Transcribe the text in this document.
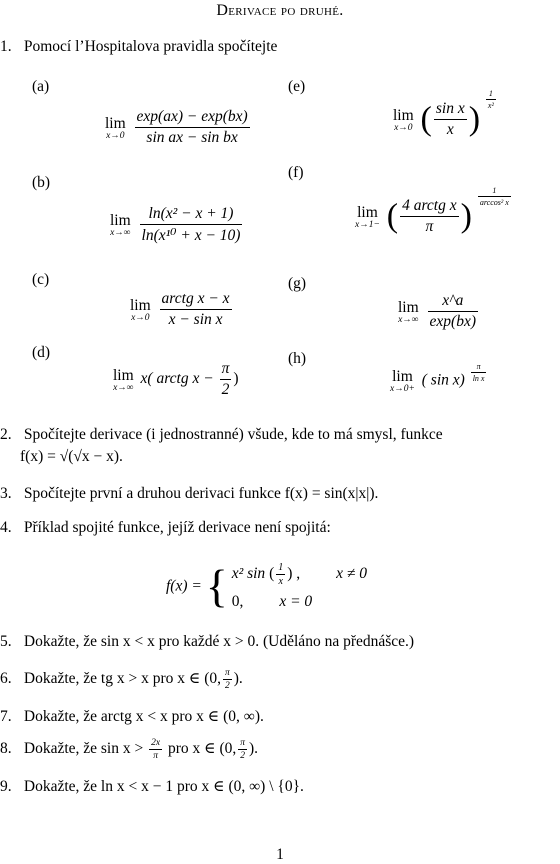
Derivace po druhé.
1. Pomocí l’Hospitalova pravidla spočítejte
(a)	(e)
(b)
(f)
(c)	(g)
(d)	(h)
lim
x→0
$\frac{\exp(ax) - \exp(bx)}{\text{sin ax − sin bx}}$	lim
x→0 ( $\frac{\text{sin x}}{x}$ )
$\frac{1}{\text{x²}}$
lim
x→∞
$\frac{\text{ln(x² − x + 1)}}{\text{ln(x¹⁰ + x − 10)}}$	lim
x→1− ( $\frac{\text{4 arctg x}}{\pi}$ )
$\frac{1}{\text{arccos² x}}$
lim
x→0
$\frac{\text{arctg x − x}}{\text{x − sin x}}$	lim
x→∞
$\frac{x\^{}a}{\exp(bx)}$
lim
x→∞
x( arctg $x - \frac{\pi}{2}$ )	lim
x→0+
( $\sin x) \frac{\pi}{\text{ln x}}$
2. Spočítejte derivace (i jednostranné) všude, kde to má smysl, funkce
f(x) = √(√x − x).
3. Spočítejte první a druhou derivaci funkce f(x) = sin(x|x|).
4. Příklad spojité funkce, jejíž derivace není spojitá:
f(x) = { x² sin ( $\frac{1}{x}$ ) , x ≠ 0
0, x = 0
5. Dokažte, že sin x < x pro každé x > 0. (Uděláno na přednášce.)
6. Dokažte, že tg x > x pro x ∈ (0, $\frac{\pi}{2}$ ).
7. Dokažte, že arctg x < x pro x ∈ (0, ∞).
8. Dokažte, že $\sin x > \frac{2x}{\pi}$ pro x ∈ (0, $\frac{\pi}{2}$ ).
9. Dokažte, že ln x < x − 1 pro x ∈ (0, ∞) \ {0}.
1
